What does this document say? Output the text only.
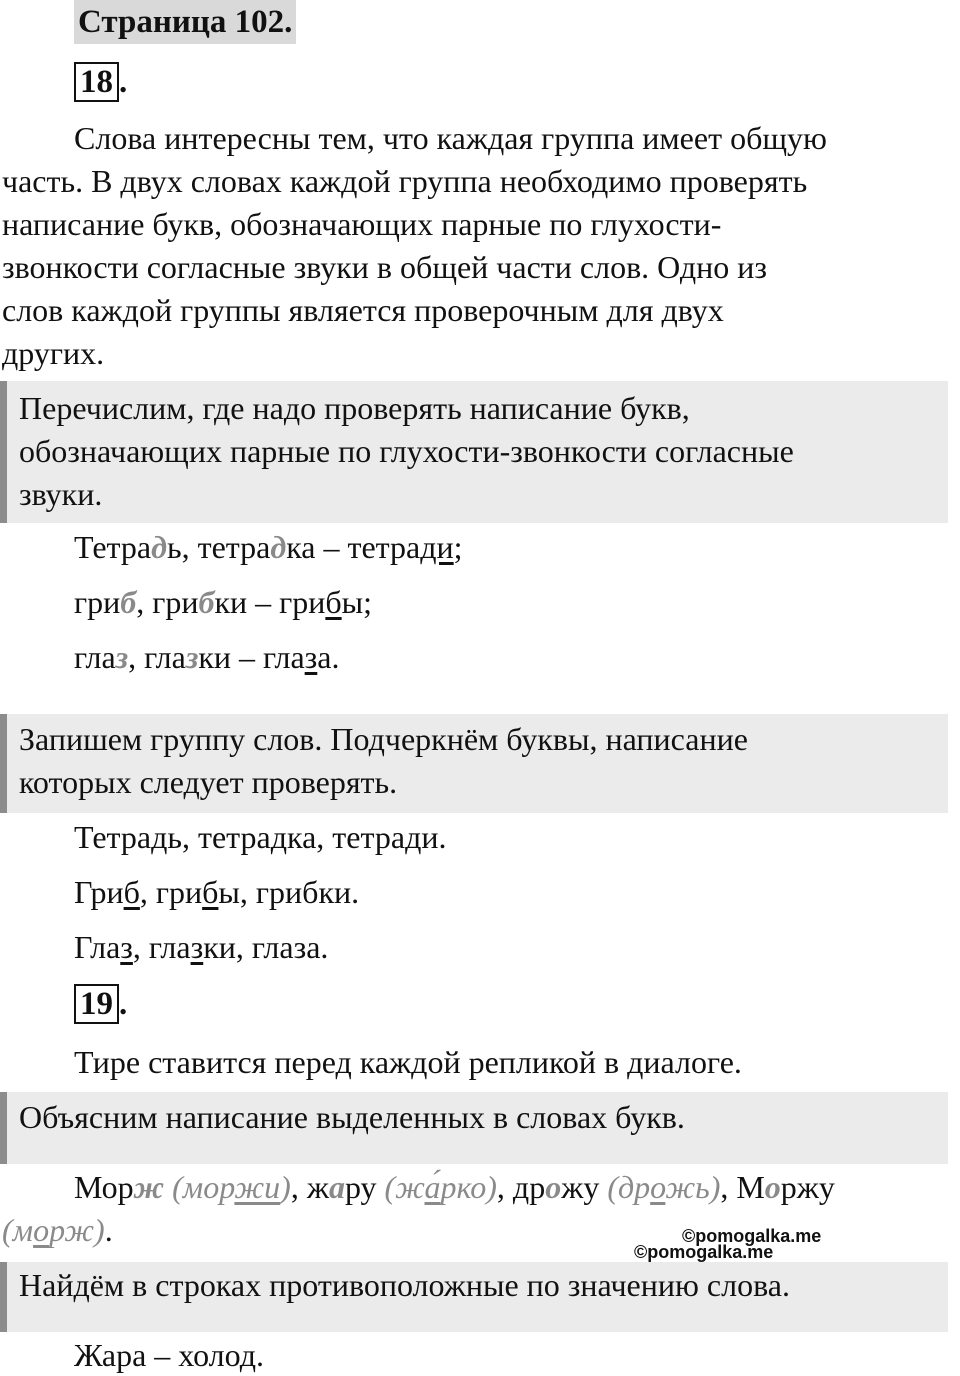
Страница 102.
18 .
Слова интересны тем, что каждая группа имеет общую
часть. В двух словах каждой группа необходимо проверять
написание букв, обозначающих парные по глухости-
звонкости согласные звуки в общей части слов. Одно из
слов каждой группы является проверочным для двух
других.
Перечислим, где надо проверять написание букв,
обозначающих парные по глухости-звонкости согласные
звуки.
Тетрадь, тетрадка – тетради;
гриб, грибки – грибы;
глаз, глазки – глаза.
Запишем группу слов. Подчеркнём буквы, написание
которых следует проверять.
Тетрадь, тетрадка, тетради.
Гриб, грибы, грибки.
Глаз, глазки, глаза.
19 .
Тире ставится перед каждой репликой в диалоге.
Объясним написание выделенных в словах букв.
Морж (моржи), жару (жа́рко), дрожу (дрожь), Моржу
(морж).	©pomogalka.me
©pomogalka.me
Найдём в строках противоположные по значению слова.
Жара – холод.
